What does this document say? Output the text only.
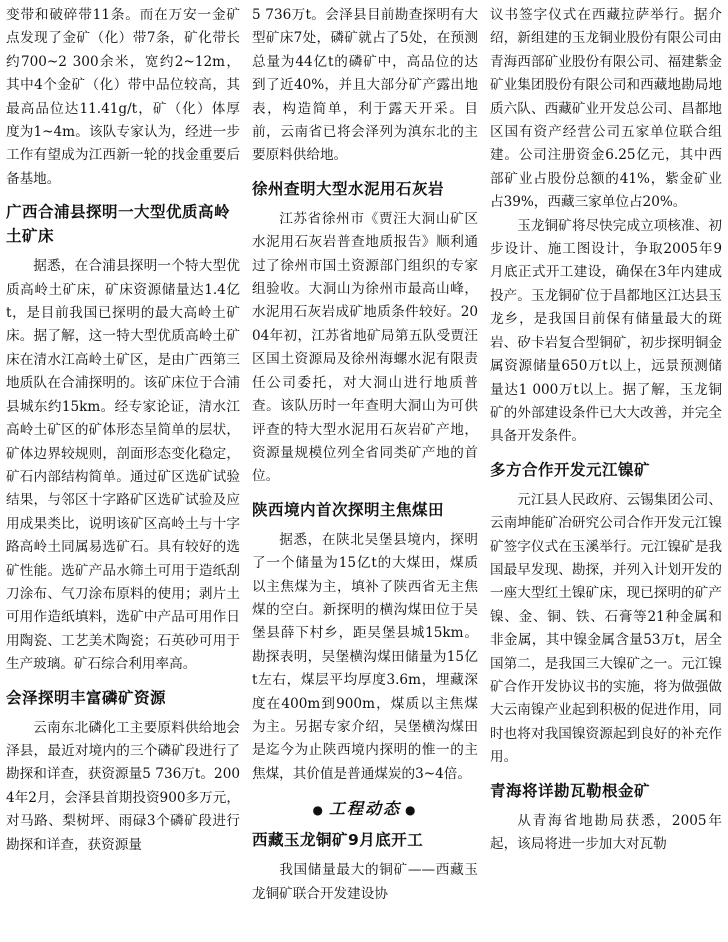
变带和破碎带11条。而在万安一金矿点发现了金矿（化）带7条，矿化带长约700~2 300余米，宽约2~12m，其中4个金矿（化）带中品位较高，其最高品位达11.41g/t，矿（化）体厚度为1~4m。该队专家认为，经进一步工作有望成为江西新一轮的找金重要后备基地。

广西合浦县探明一大型优质高岭土矿床

据悉，在合浦县探明一个特大型优质高岭土矿床，矿床资源储量达1.4亿t，是目前我国已探明的最大高岭土矿床。据了解，这一特大型优质高岭土矿床在清水江高岭土矿区，是由广西第三地质队在合浦探明的。该矿床位于合浦县城东约15km。经专家论证，清水江高岭土矿区的矿体形态呈简单的层状，矿体边界较规则，剖面形态变化稳定，矿石内部结构简单。通过矿区选矿试验结果，与邻区十字路矿区选矿试验及应用成果类比，说明该矿区高岭土与十字路高岭土同属易选矿石。具有较好的选矿性能。选矿产品水筛土可用于造纸刮刀涂布、气刀涂布原料的使用；剥片土可用作造纸填料，选矿中产品可用作日用陶瓷、工艺美术陶瓷；石英砂可用于生产玻璃。矿石综合利用率高。

会泽探明丰富磷矿资源

云南东北磷化工主要原料供给地会泽县，最近对境内的三个磷矿段进行了勘探和详查，获资源量5 736万t。2004年2月，会泽县首期投资900多万元，对马路、梨树坪、雨碌3个磷矿段进行勘探和详查，获资源量

5 736万t。会泽县目前勘查探明有大型矿床7处，磷矿就占了5处，在预测总量为44亿t的磷矿中，高品位的达到了近40%，并且大部分矿产露出地表，构造简单，利于露天开采。目前，云南省已将会泽列为滇东北的主要原料供给地。

徐州查明大型水泥用石灰岩

江苏省徐州市《贾汪大洞山矿区水泥用石灰岩普查地质报告》顺利通过了徐州市国土资源部门组织的专家组验收。大洞山为徐州市最高山峰，水泥用石灰岩成矿地质条件较好。2004年初，江苏省地矿局第五队受贾汪区国土资源局及徐州海螺水泥有限责任公司委托，对大洞山进行地质普查。该队历时一年查明大洞山为可供评查的特大型水泥用石灰岩矿产地，资源量规模位列全省同类矿产地的首位。

陕西境内首次探明主焦煤田

据悉，在陕北吴堡县境内，探明了一个储量为15亿t的大煤田，煤质以主焦煤为主，填补了陕西省无主焦煤的空白。新探明的横沟煤田位于吴堡县薛下村乡，距吴堡县城15km。勘探表明，吴堡横沟煤田储量为15亿t左右，煤层平均厚度3.6m，埋藏深度在400m到900m，煤质以主焦煤为主。另据专家介绍，吴堡横沟煤田是迄今为止陕西境内探明的惟一的主焦煤，其价值是普通煤炭的3~4倍。

● 工程动态 ●
西藏玉龙铜矿9月底开工

我国储量最大的铜矿——西藏玉龙铜矿联合开发建设协

议书签字仪式在西藏拉萨举行。据介绍，新组建的玉龙铜业股份有限公司由青海西部矿业股份有限公司、福建紫金矿业集团股份有限公司和西藏地勘局地质六队、西藏矿业开发总公司、昌都地区国有资产经营公司五家单位联合组建。公司注册资金6.25亿元，其中西部矿业占股份总额的41%，紫金矿业占39%，西藏三家单位占20%。

玉龙铜矿将尽快完成立项核准、初步设计、施工图设计，争取2005年9月底正式开工建设，确保在3年内建成投产。玉龙铜矿位于昌都地区江达县玉龙乡，是我国目前保有储量最大的斑岩、矽卡岩复合型铜矿，初步探明铜金属资源储量650万t以上，远景预测储量达1 000万t以上。据了解，玉龙铜矿的外部建设条件已大大改善，并完全具备开发条件。

多方合作开发元江镍矿

元江县人民政府、云锡集团公司、云南坤能矿冶研究公司合作开发元江镍矿签字仪式在玉溪举行。元江镍矿是我国最早发现、勘探，并列入计划开发的一座大型红土镍矿床，现已探明的矿产镍、金、铜、铁、石膏等21种金属和非金属，其中镍金属含量53万t，居全国第二，是我国三大镍矿之一。元江镍矿合作开发协议书的实施，将为做强做大云南镍产业起到积极的促进作用，同时也将对我国镍资源起到良好的补充作用。

青海将详勘瓦勒根金矿

从青海省地勘局获悉，2005年起，该局将进一步加大对瓦勒
